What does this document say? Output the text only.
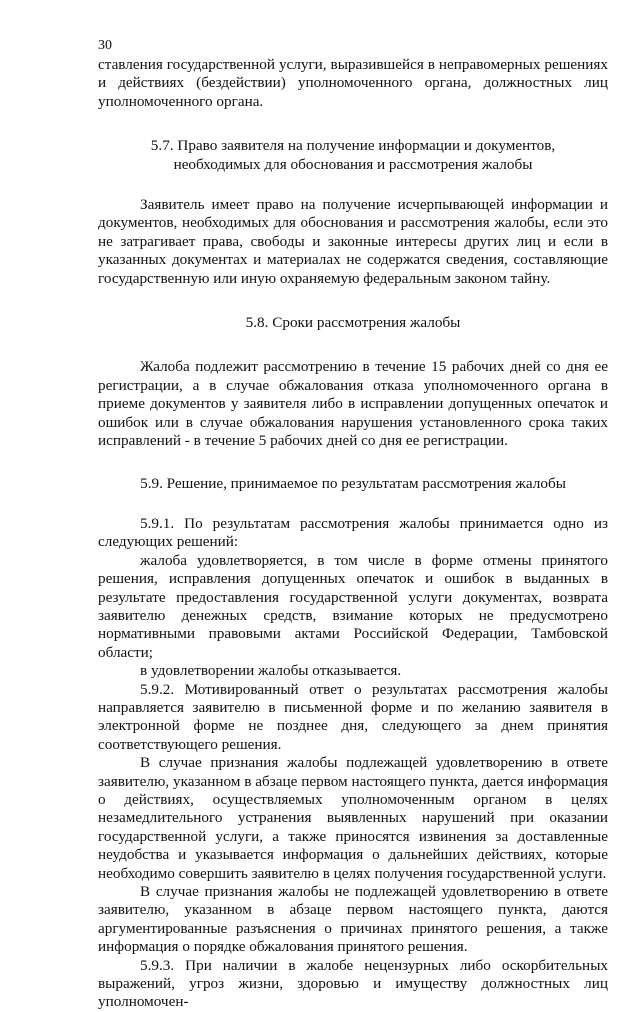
30

ставления государственной услуги, выразившейся в неправомерных решениях и действиях (бездействии) уполномоченного органа, должностных лиц уполномоченного органа.

5.7. Право заявителя на получение информации и документов, необходимых для обоснования и рассмотрения жалобы

Заявитель имеет право на получение исчерпывающей информации и документов, необходимых для обоснования и рассмотрения жалобы, если это не затрагивает права, свободы и законные интересы других лиц и если в указанных документах и материалах не содержатся сведения, составляющие государственную или иную охраняемую федеральным законом тайну.

5.8. Сроки рассмотрения жалобы

Жалоба подлежит рассмотрению в течение 15 рабочих дней со дня ее регистрации, а в случае обжалования отказа уполномоченного органа в приеме документов у заявителя либо в исправлении допущенных опечаток и ошибок или в случае обжалования нарушения установленного срока таких исправлений - в течение 5 рабочих дней со дня ее регистрации.

5.9. Решение, принимаемое по результатам рассмотрения жалобы

5.9.1. По результатам рассмотрения жалобы принимается одно из следующих решений:

жалоба удовлетворяется, в том числе в форме отмены принятого решения, исправления допущенных опечаток и ошибок в выданных в результате предоставления государственной услуги документах, возврата заявителю денежных средств, взимание которых не предусмотрено нормативными правовыми актами Российской Федерации, Тамбовской области;

в удовлетворении жалобы отказывается.

5.9.2. Мотивированный ответ о результатах рассмотрения жалобы направляется заявителю в письменной форме и по желанию заявителя в электронной форме не позднее дня, следующего за днем принятия соответствующего решения.

В случае признания жалобы подлежащей удовлетворению в ответе заявителю, указанном в абзаце первом настоящего пункта, дается информация о действиях, осуществляемых уполномоченным органом в целях незамедлительного устранения выявленных нарушений при оказании государственной услуги, а также приносятся извинения за доставленные неудобства и указывается информация о дальнейших действиях, которые необходимо совершить заявителю в целях получения государственной услуги.

В случае признания жалобы не подлежащей удовлетворению в ответе заявителю, указанном в абзаце первом настоящего пункта, даются аргументированные разъяснения о причинах принятого решения, а также информация о порядке обжалования принятого решения.

5.9.3. При наличии в жалобе нецензурных либо оскорбительных выражений, угроз жизни, здоровью и имуществу должностных лиц уполномочен-
